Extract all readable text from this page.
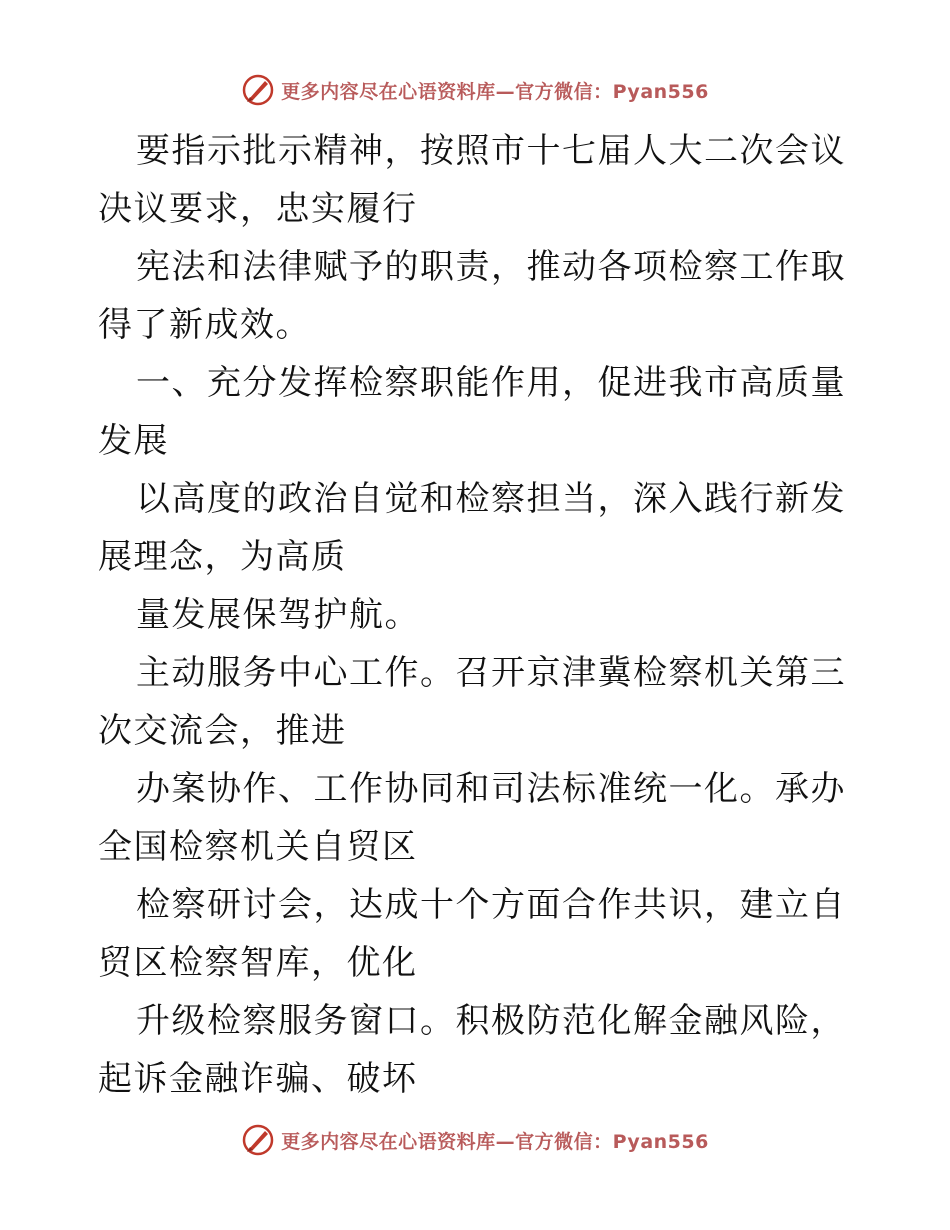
更多内容尽在心语资料库—官方微信：Pyan556

要指示批示精神，按照市十七届人大二次会议决议要求，忠实履行

宪法和法律赋予的职责，推动各项检察工作取得了新成效。

一、充分发挥检察职能作用，促进我市高质量发展

以高度的政治自觉和检察担当，深入践行新发展理念，为高质

量发展保驾护航。

主动服务中心工作。召开京津冀检察机关第三次交流会，推进

办案协作、工作协同和司法标准统一化。承办全国检察机关自贸区

检察研讨会，达成十个方面合作共识，建立自贸区检察智库，优化

升级检察服务窗口。积极防范化解金融风险，起诉金融诈骗、破坏

更多内容尽在心语资料库—官方微信：Pyan556
